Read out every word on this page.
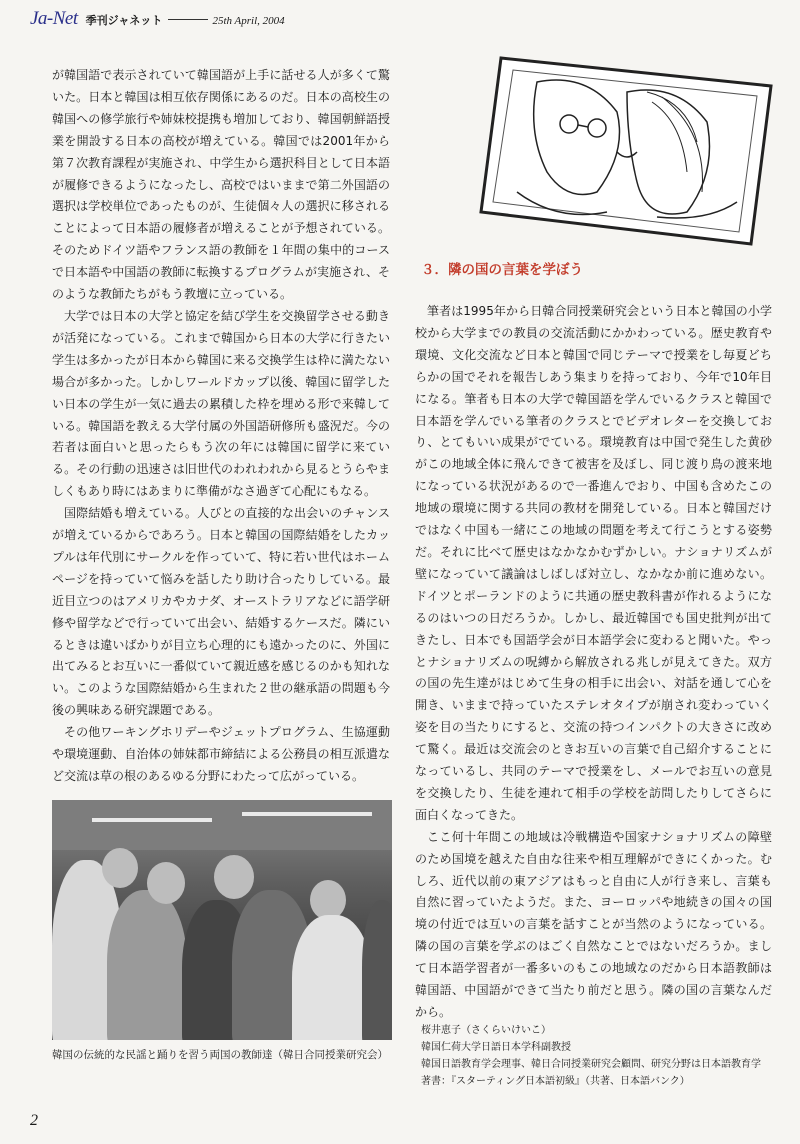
Ja-Net 季刊ジャネット	25th April, 2004

が韓国語で表示されていて韓国語が上手に話せる人が多くて驚いた。日本と韓国は相互依存関係にあるのだ。日本の高校生の韓国への修学旅行や姉妹校提携も増加しており、韓国朝鮮語授業を開設する日本の高校が増えている。韓国では2001年から第７次教育課程が実施され、中学生から選択科目として日本語が履修できるようになったし、高校ではいままで第二外国語の選択は学校単位であったものが、生徒個々人の選択に移されることによって日本語の履修者が増えることが予想されている。そのためドイツ語やフランス語の教師を１年間の集中的コースで日本語や中国語の教師に転換するプログラムが実施され、そのような教師たちがもう教壇に立っている。

大学では日本の大学と協定を結び学生を交換留学させる動きが活発になっている。これまで韓国から日本の大学に行きたい学生は多かったが日本から韓国に来る交換学生は枠に満たない場合が多かった。しかしワールドカップ以後、韓国に留学したい日本の学生が一気に過去の累積した枠を埋める形で来韓している。韓国語を教える大学付属の外国語研修所も盛況だ。今の若者は面白いと思ったらもう次の年には韓国に留学に来ている。その行動の迅速さは旧世代のわれわれから見るとうらやましくもあり時にはあまりに準備がなさ過ぎて心配にもなる。

国際結婚も増えている。人びとの直接的な出会いのチャンスが増えているからであろう。日本と韓国の国際結婚をしたカップルは年代別にサークルを作っていて、特に若い世代はホームページを持っていて悩みを話したり助け合ったりしている。最近目立つのはアメリカやカナダ、オーストラリアなどに語学研修や留学などで行っていて出会い、結婚するケースだ。隣にいるときは違いばかりが目立ち心理的にも遠かったのに、外国に出てみるとお互いに一番似ていて親近感を感じるのかも知れない。このような国際結婚から生まれた２世の継承語の問題も今後の興味ある研究課題である。

その他ワーキングホリデーやジェットプログラム、生協運動や環境運動、自治体の姉妹都市締結による公務員の相互派遣など交流は草の根のあるゆる分野にわたって広がっている。

３．隣の国の言葉を学ぼう

筆者は1995年から日韓合同授業研究会という日本と韓国の小学校から大学までの教員の交流活動にかかわっている。歴史教育や環境、文化交流など日本と韓国で同じテーマで授業をし毎夏どちらかの国でそれを報告しあう集まりを持っており、今年で10年目になる。筆者も日本の大学で韓国語を学んでいるクラスと韓国で日本語を学んでいる筆者のクラスとでビデオレターを交換しており、とてもいい成果がでている。環境教育は中国で発生した黄砂がこの地域全体に飛んできて被害を及ぼし、同じ渡り鳥の渡来地になっている状況があるので一番進んでおり、中国も含めたこの地域の環境に関する共同の教材を開発している。日本と韓国だけではなく中国も一緒にこの地域の問題を考えて行こうとする姿勢だ。それに比べて歴史はなかなかむずかしい。ナショナリズムが壁になっていて議論はしばしば対立し、なかなか前に進めない。ドイツとポーランドのように共通の歴史教科書が作れるようになるのはいつの日だろうか。しかし、最近韓国でも国史批判が出てきたし、日本でも国語学会が日本語学会に変わると聞いた。やっとナショナリズムの呪縛から解放される兆しが見えてきた。双方の国の先生達がはじめて生身の相手に出会い、対話を通して心を開き、いままで持っていたステレオタイプが崩され変わっていく姿を目の当たりにすると、交流の持つインパクトの大きさに改めて驚く。最近は交流会のときお互いの言葉で自己紹介することになっているし、共同のテーマで授業をし、メールでお互いの意見を交換したり、生徒を連れて相手の学校を訪問したりしてさらに面白くなってきた。

ここ何十年間この地域は冷戦構造や国家ナショナリズムの障壁のため国境を越えた自由な往来や相互理解ができにくかった。むしろ、近代以前の東アジアはもっと自由に人が行き来し、言葉も自然に習っていたようだ。また、ヨーロッパや地続きの国々の国境の付近では互いの言葉を話すことが当然のようになっている。隣の国の言葉を学ぶのはごく自然なことではないだろうか。まして日本語学習者が一番多いのもこの地域なのだから日本語教師は韓国語、中国語ができて当たり前だと思う。隣の国の言葉なんだから。

韓国の伝統的な民謡と踊りを習う両国の教師達（韓日合同授業研究会）
桜井恵子（さくらいけいこ）
韓国仁荷大学日語日本学科副教授
韓国日語教育学会理事、韓日合同授業研究会顧問、研究分野は日本語教育学
著書：『スターティング日本語初級』（共著、日本語バンク）
2
